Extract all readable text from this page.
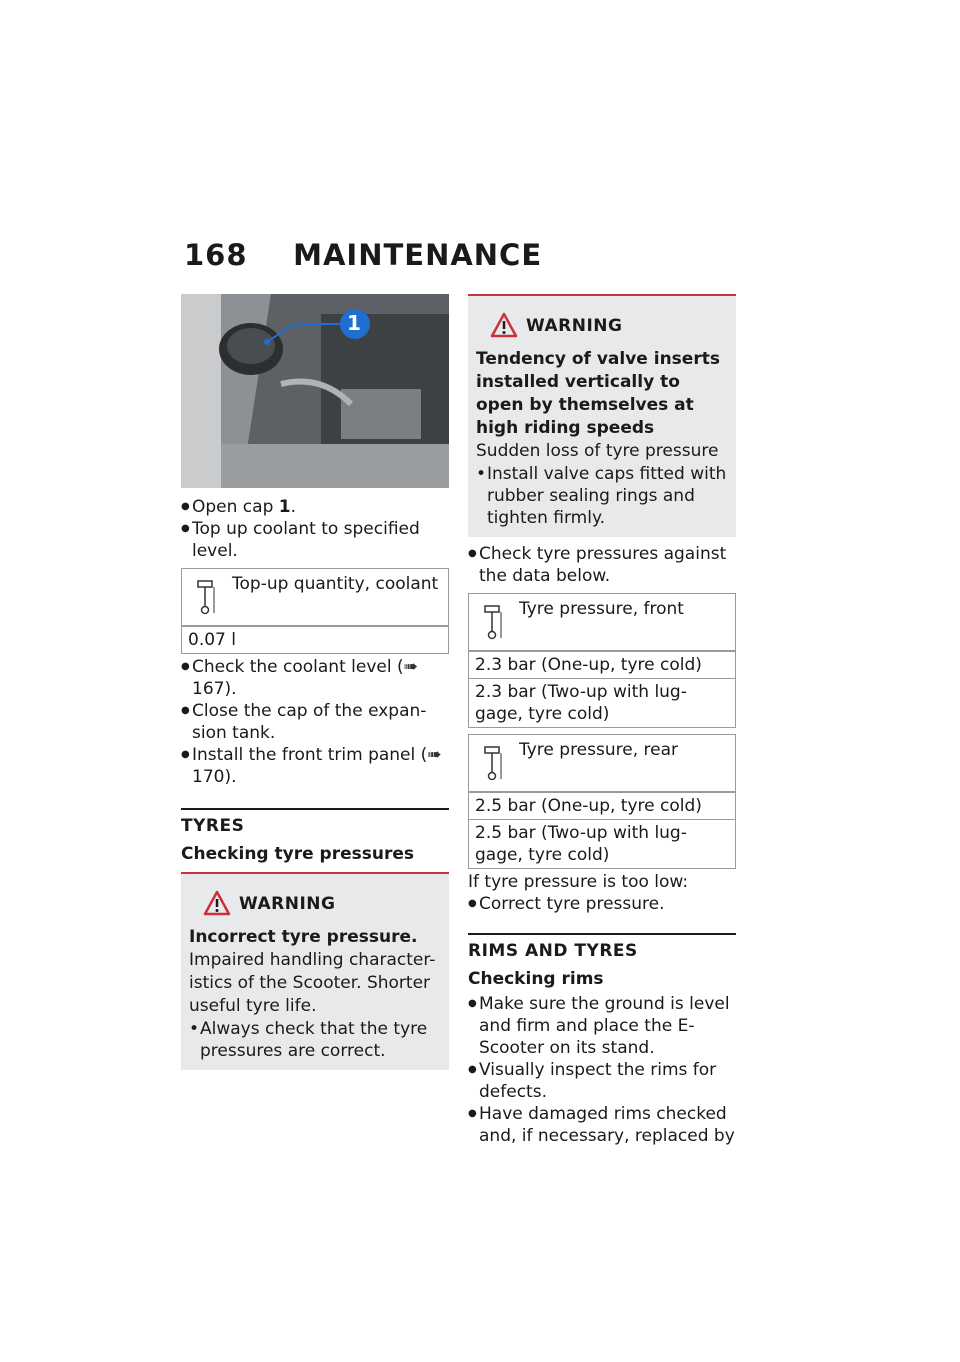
168 MAINTENANCE
1
● Open cap 1.
● Top up coolant to specified level.
Top-up quantity, coolant
0.07 l
● Check the coolant level (➠ 167).
● Close the cap of the expan-sion tank.
● Install the front trim panel (➠ 170).
TYRES
Checking tyre pressures
WARNING
Incorrect tyre pressure.
Impaired handling character-istics of the Scooter. Shorter useful tyre life.
• Always check that the tyre pressures are correct.
WARNING
Tendency of valve inserts installed vertically to open by themselves at high riding speeds
Sudden loss of tyre pressure
• Install valve caps fitted with rubber sealing rings and tighten firmly.
● Check tyre pressures against the data below.
Tyre pressure, front
2.3 bar (One-up, tyre cold)
2.3 bar (Two-up with lug-gage, tyre cold)
Tyre pressure, rear
2.5 bar (One-up, tyre cold)
2.5 bar (Two-up with lug-gage, tyre cold)
If tyre pressure is too low:
● Correct tyre pressure.
RIMS AND TYRES
Checking rims
● Make sure the ground is level and firm and place the E-Scooter on its stand.
● Visually inspect the rims for defects.
● Have damaged rims checked and, if necessary, replaced by
